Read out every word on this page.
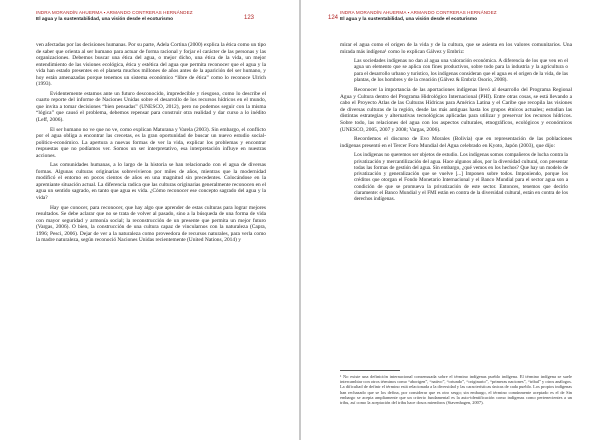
INDRA MORANDÍN AHUERMA ▪ ARMANDO CONTRERAS HERNÁNDEZ
El agua y la sustentabilidad, una visión desde el ecoturismo	123

ven afectadas por las decisiones humanas. Por su parte, Adela Cortina (2000) explica la ética como un tipo de saber que orienta al ser humano para actuar de forma racional y forjar el carácter de las personas y las organizaciones. Debemos buscar una ética del agua, o mejor dicho, una ética de la vida, un mejor entendimiento de las visiones ecológica, ética y estética del agua que permita reconocer que el agua y la vida han estado presentes en el planeta muchos millones de años antes de la aparición del ser humano, y hoy están amenazadas porque tenemos un sistema económico “libre de ética” como lo reconoce Ulrich (1993).

Evidentemente estamos ante un futuro desconocido, impredecible y riesgoso, como lo describe el cuarto reporte del informe de Naciones Unidas sobre el desarrollo de los recursos hídricos en el mundo, que invita a tomar decisiones “bien pensadas” (UNESCO, 2012), pero no podemos seguir con la misma “lógica” que causó el problema, debemos repensar para construir otra realidad y dar curso a lo inédito (Leff, 2006).

El ser humano no ve que no ve, como explican Maturana y Varela (2003). Sin embargo, el conflicto por el agua obliga a encontrar las crecetas, es la gran oportunidad de buscar un nuevo estudio social-político-económico. La apertura a nuevas formas de ver la vida, explicar los problemas y encontrar respuestas que no podíamos ver. Somos un ser interpretativo, esa interpretación influye en nuestras acciones.

Las comunidades humanas, a lo largo de la historia se han relacionado con el agua de diversas formas. Algunas culturas originarias sobrevivieron por miles de años, mientras que la modernidad modificó el entorno en pocos cientos de años en una magnitud sin precedentes. Colocándose en la apremiante situación actual. La diferencia radica que las culturas originarias generalmente reconocen en el agua un sentido sagrado, en tanto que agua es vida. ¿Cómo reconocer ese concepto sagrado del agua y la vida?

Hay que conocer, para reconocer, que hay algo que aprender de estas culturas para lograr mejores resultados. Se debe aclarar que no se trata de volver al pasado, sino a la búsqueda de una forma de vida con mayor seguridad y armonía social; la reconstrucción de un presente que permita un mejor futuro (Vargas, 2006). O bien, la construcción de una cultura capaz de vincularnos con la naturaleza (Capra, 1996; Pesci, 2006). Dejar de ver a la naturaleza como proveedora de recursos naturales, para verla como la madre naturaleza, según reconoció Naciones Unidas recientemente (United Nations, 2014) y

124
INDRA MORANDÍN AHUERMA ▪ ARMANDO CONTRERAS HERNÁNDEZ
El agua y la sustentabilidad, una visión desde el ecoturismo

mirar el agua como el origen de la vida y de la cultura, que se asienta en los valores comunitarios. Una mirada más indígena¹ como lo explican Gálvez y Embriz:

Las sociedades indígenas no dan al agua una valoración económica. A diferencia de los que ven en el agua un elemento que se aplica con fines productivos, sobre todo para la industria y la agricultura o para el desarrollo urbano y turístico, los indígenas consideran que el agua es el origen de la vida, de las plantas, de los hombres y de la creación (Gálvez & Embriz Osorio, 2008).

Reconocer la importancia de las aportaciones indígenas llevó al desarrollo del Programa Regional Agua y Cultura dentro del Programa Hidrológico Internacional (PHI). Entre otras cosas, se está llevando a cabo el Proyecto Atlas de las Culturas Hídricas para América Latina y el Caribe que recopila las visiones de diversas culturas de la región, desde las más antiguas hasta los grupos étnicos actuales; estudian las distintas estrategias y alternativas tecnológicas aplicadas para utilizar y preservar los recursos hídricos. Sobre todo, las relaciones del agua con los aspectos culturales, etnográficos, ecológicos y económicos (UNESCO, 2005, 2007 y 2008; Vargas, 2006).

Recordemos el discurso de Evo Morales (Bolivia) que en representación de las poblaciones indígenas presentó en el Tercer Foro Mundial del Agua celebrado en Kyoto, Japón (2003), que dijo:

Los indígenas no queremos ser objetos de estudio. Los indígenas somos compañeros de lucha contra la privatización y mercantilización del agua. Hace algunos años, por la diversidad cultural, con presentar todas las formas de gestión del agua. Sin embargo, ¿qué vemos en los hechos? Que hay un modelo de privatización y generalización que se vuelve [...] Imponen sobre todos. Imponiendo, porque los créditos que otorgan el Fondo Monetario Internacional y el Banco Mundial para el sector agua son a condición de que se promueva la privatización de este sector. Entonces, tenemos que decirlo claramente: el Banco Mundial y el FMI están en contra de la diversidad cultural, están en contra de los derechos indígenas.

¹ No existe una definición internacional consensuada sobre el término indígenas pueblo indígena. El término indígena se suele intercambiar con otros términos como “aborigen”, “nativo”, “oriundo”, “originario”, “primeras naciones”, “tribal” y otros análogos. La dificultad de definir el término está relacionada a la diversidad y las características únicas de cada pueblo. Los propios indígenas han rechazado que se los defina, por considerar que es otro sesgo; sin embargo, el término comúnmente aceptado es el de Sin embargo se acepta ampliamente que un criterio fundamental es la auto-identificación como indígenas como pertenecientes a un tribu, así como la aceptación del tribu hace dosos miembros (Stavenhagen, 2007).
